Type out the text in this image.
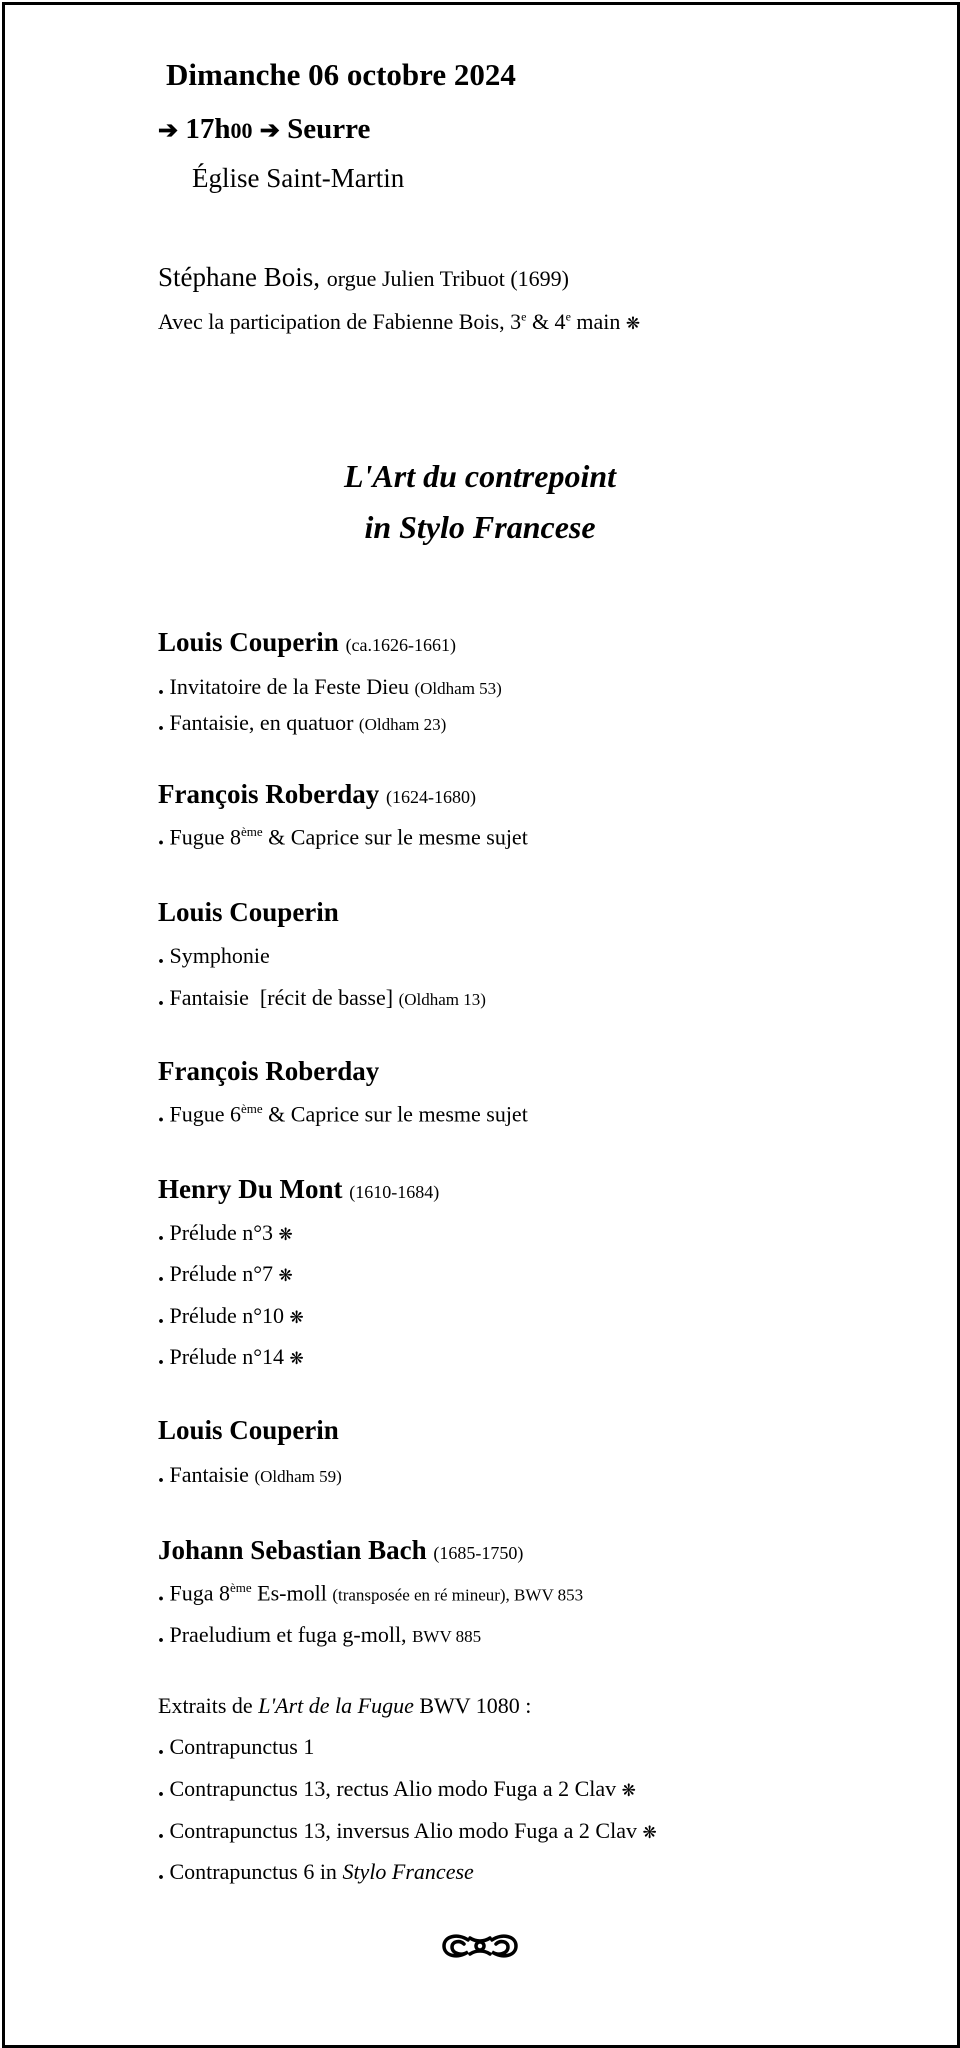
Dimanche 06 octobre 2024
➔ 17h00 ➔ Seurre
Église Saint-Martin
Stéphane Bois, orgue Julien Tribuot (1699)
Avec la participation de Fabienne Bois, 3e & 4e main ❋
L'Art du contrepoint
in Stylo Francese
Louis Couperin (ca.1626-1661)
. Invitatoire de la Feste Dieu (Oldham 53)
. Fantaisie, en quatuor (Oldham 23)
François Roberday (1624-1680)
. Fugue 8ème & Caprice sur le mesme sujet
Louis Couperin
. Symphonie
. Fantaisie  [récit de basse] (Oldham 13)
François Roberday
. Fugue 6ème & Caprice sur le mesme sujet
Henry Du Mont (1610-1684)
. Prélude n°3 ❋
. Prélude n°7 ❋
. Prélude n°10 ❋
. Prélude n°14 ❋
Louis Couperin
. Fantaisie (Oldham 59)
Johann Sebastian Bach (1685-1750)
. Fuga 8ème Es-moll (transposée en ré mineur), BWV 853
. Praeludium et fuga g-moll, BWV 885
Extraits de L'Art de la Fugue BWV 1080 :
. Contrapunctus 1
. Contrapunctus 13, rectus Alio modo Fuga a 2 Clav ❋
. Contrapunctus 13, inversus Alio modo Fuga a 2 Clav ❋
. Contrapunctus 6 in Stylo Francese
